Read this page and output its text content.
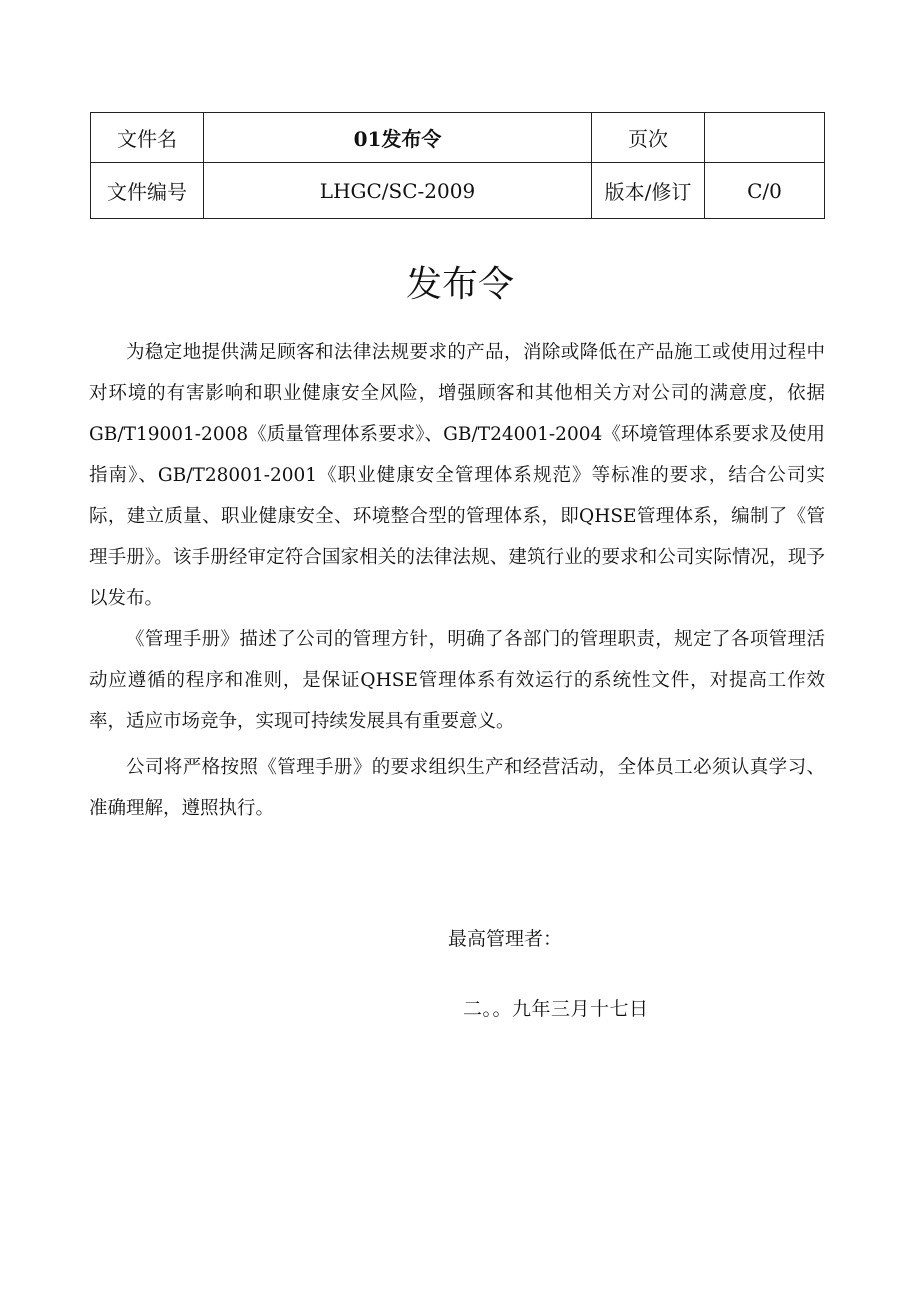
文件名	01发布令	页次	
文件编号	LHGC/SC-2009	版本/修订	C/0
发布令

为稳定地提供满足顾客和法律法规要求的产品，消除或降低在产品施工或使用过程中对环境的有害影响和职业健康安全风险，增强顾客和其他相关方对公司的满意度，依据GB/T19001-2008《质量管理体系要求》、GB/T24001-2004《环境管理体系要求及使用指南》、GB/T28001-2001《职业健康安全管理体系规范》等标准的要求，结合公司实际，建立质量、职业健康安全、环境整合型的管理体系，即QHSE管理体系，编制了《管理手册》。该手册经审定符合国家相关的法律法规、建筑行业的要求和公司实际情况，现予以发布。

《管理手册》描述了公司的管理方针，明确了各部门的管理职责，规定了各项管理活动应遵循的程序和准则，是保证QHSE管理体系有效运行的系统性文件，对提高工作效率，适应市场竞争，实现可持续发展具有重要意义。

公司将严格按照《管理手册》的要求组织生产和经营活动，全体员工必须认真学习、准确理解，遵照执行。

最高管理者：
二。。九年三月十七日
